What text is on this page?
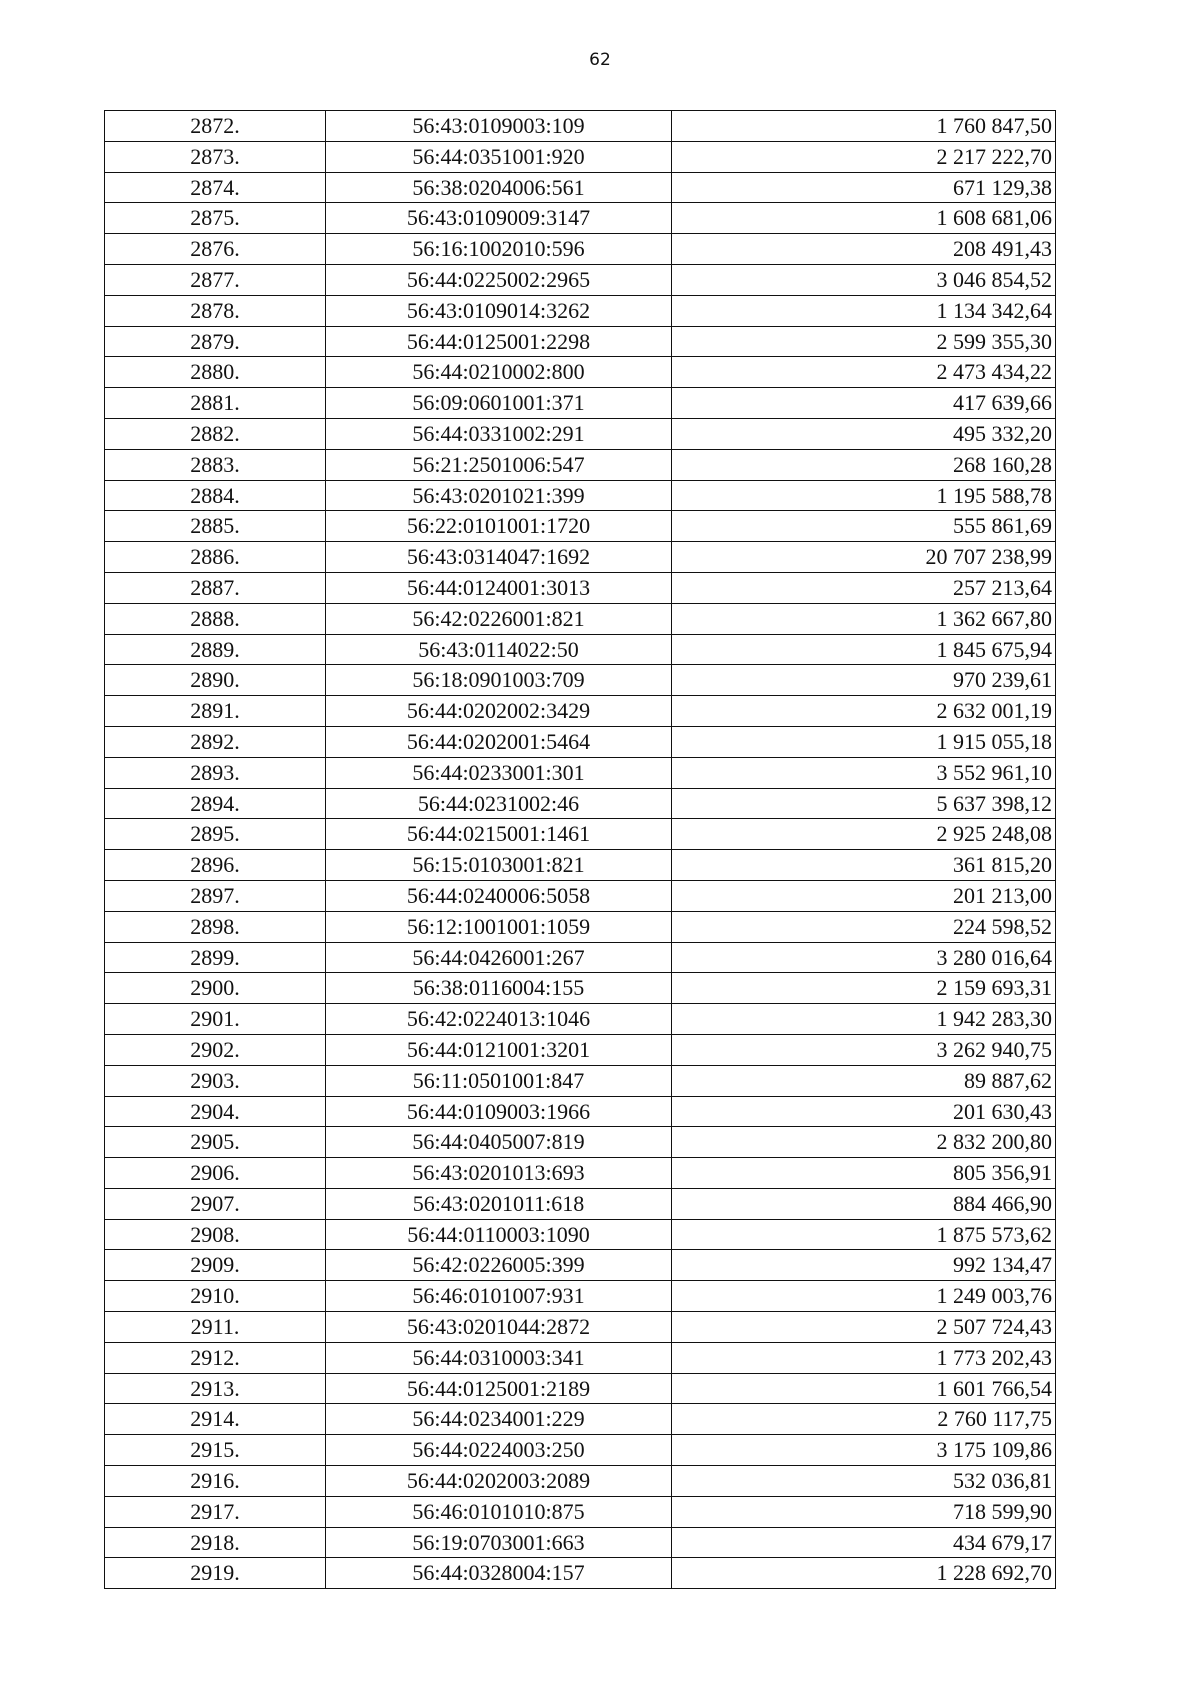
62
2872.	56:43:0109003:109	1 760 847,50
2873.	56:44:0351001:920	2 217 222,70
2874.	56:38:0204006:561	671 129,38
2875.	56:43:0109009:3147	1 608 681,06
2876.	56:16:1002010:596	208 491,43
2877.	56:44:0225002:2965	3 046 854,52
2878.	56:43:0109014:3262	1 134 342,64
2879.	56:44:0125001:2298	2 599 355,30
2880.	56:44:0210002:800	2 473 434,22
2881.	56:09:0601001:371	417 639,66
2882.	56:44:0331002:291	495 332,20
2883.	56:21:2501006:547	268 160,28
2884.	56:43:0201021:399	1 195 588,78
2885.	56:22:0101001:1720	555 861,69
2886.	56:43:0314047:1692	20 707 238,99
2887.	56:44:0124001:3013	257 213,64
2888.	56:42:0226001:821	1 362 667,80
2889.	56:43:0114022:50	1 845 675,94
2890.	56:18:0901003:709	970 239,61
2891.	56:44:0202002:3429	2 632 001,19
2892.	56:44:0202001:5464	1 915 055,18
2893.	56:44:0233001:301	3 552 961,10
2894.	56:44:0231002:46	5 637 398,12
2895.	56:44:0215001:1461	2 925 248,08
2896.	56:15:0103001:821	361 815,20
2897.	56:44:0240006:5058	201 213,00
2898.	56:12:1001001:1059	224 598,52
2899.	56:44:0426001:267	3 280 016,64
2900.	56:38:0116004:155	2 159 693,31
2901.	56:42:0224013:1046	1 942 283,30
2902.	56:44:0121001:3201	3 262 940,75
2903.	56:11:0501001:847	89 887,62
2904.	56:44:0109003:1966	201 630,43
2905.	56:44:0405007:819	2 832 200,80
2906.	56:43:0201013:693	805 356,91
2907.	56:43:0201011:618	884 466,90
2908.	56:44:0110003:1090	1 875 573,62
2909.	56:42:0226005:399	992 134,47
2910.	56:46:0101007:931	1 249 003,76
2911.	56:43:0201044:2872	2 507 724,43
2912.	56:44:0310003:341	1 773 202,43
2913.	56:44:0125001:2189	1 601 766,54
2914.	56:44:0234001:229	2 760 117,75
2915.	56:44:0224003:250	3 175 109,86
2916.	56:44:0202003:2089	532 036,81
2917.	56:46:0101010:875	718 599,90
2918.	56:19:0703001:663	434 679,17
2919.	56:44:0328004:157	1 228 692,70
